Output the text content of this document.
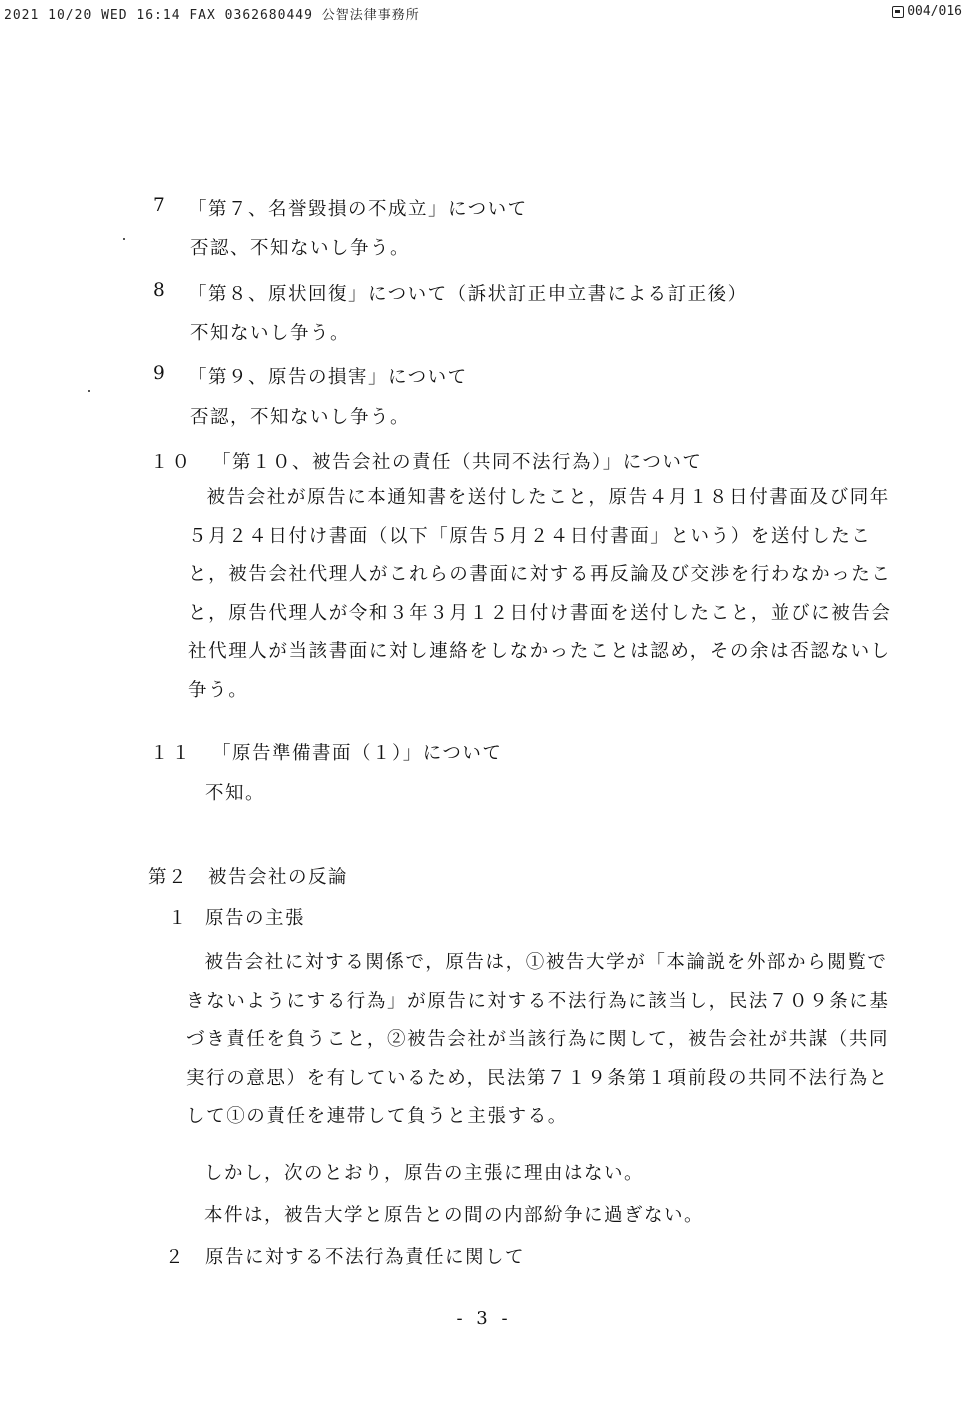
2021 10/20 WED 16:14 FAX 0362680449 公智法律事務所	004/016
7 「第７、名誉毀損の不成立」について
否認、不知ないし争う。
8 「第８、原状回復」について（訴状訂正申立書による訂正後）
不知ないし争う。
9 「第９、原告の損害」について
否認，不知ないし争う。
１０ 「第１０、被告会社の責任（共同不法行為）」について
被告会社が原告に本通知書を送付したこと，原告４月１８日付書面及び同年５月２４日付け書面（以下「原告５月２４日付書面」という）を送付したこと，被告会社代理人がこれらの書面に対する再反論及び交渉を行わなかったこと，原告代理人が令和３年３月１２日付け書面を送付したこと，並びに被告会社代理人が当該書面に対し連絡をしなかったことは認め，その余は否認ないし争う。
１１ 「原告準備書面（１）」について
不知。
第２　被告会社の反論
１ 原告の主張
被告会社に対する関係で，原告は，①被告大学が「本論説を外部から閲覧できないようにする行為」が原告に対する不法行為に該当し，民法７０９条に基づき責任を負うこと，②被告会社が当該行為に関して，被告会社が共謀（共同実行の意思）を有しているため，民法第７１９条第１項前段の共同不法行為として①の責任を連帯して負うと主張する。
しかし，次のとおり，原告の主張に理由はない。
本件は，被告大学と原告との間の内部紛争に過ぎない。
２ 原告に対する不法行為責任に関して
- 3 -
